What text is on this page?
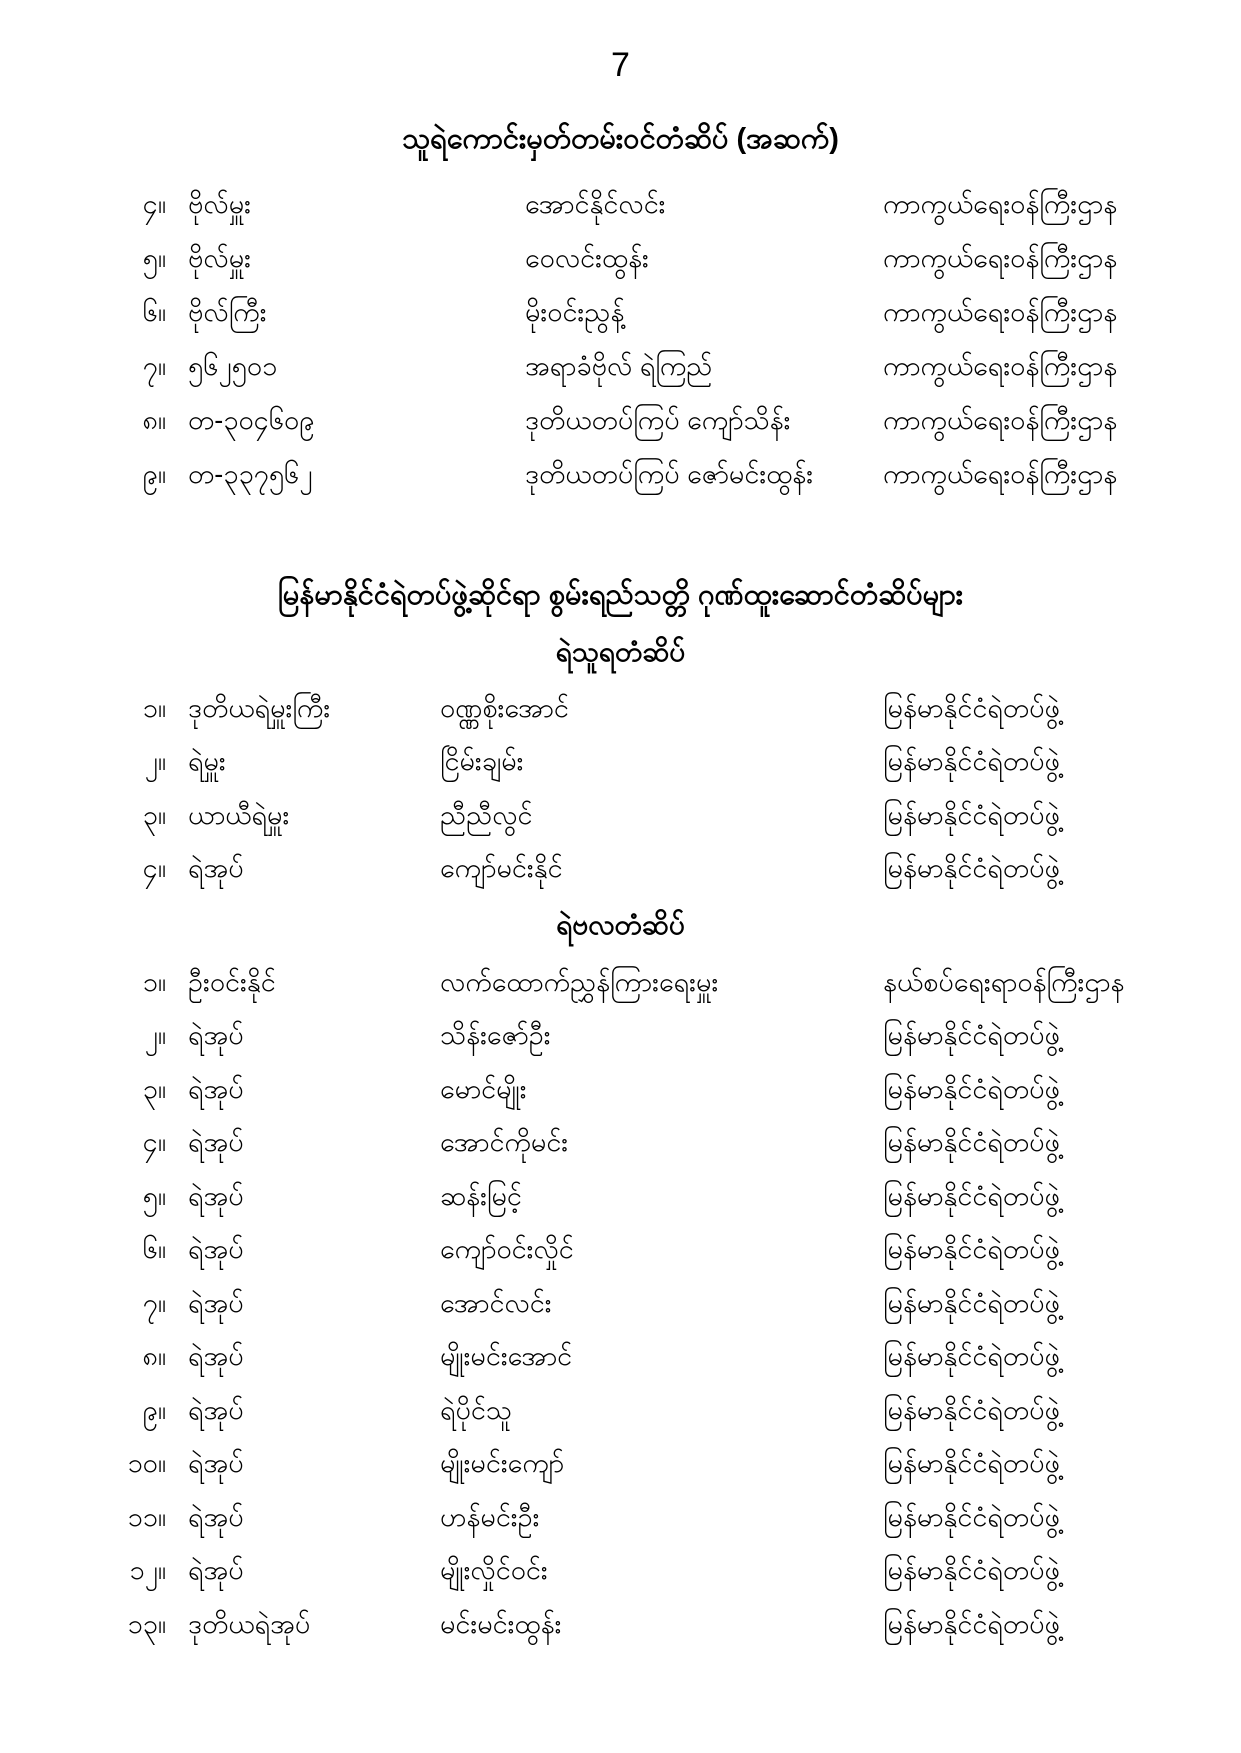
7
သူရဲကောင်းမှတ်တမ်းဝင်တံဆိပ် (အဆက်)
၄။ ဗိုလ်မှူး	အောင်နိုင်လင်း	ကာကွယ်ရေးဝန်ကြီးဌာန
၅။ ဗိုလ်မှူး	ဝေလင်းထွန်း	ကာကွယ်ရေးဝန်ကြီးဌာန
၆။ ဗိုလ်ကြီး	မိုးဝင်းညွန့်	ကာကွယ်ရေးဝန်ကြီးဌာန
၇။ ၅၆၂၅၀၁	အရာခံဗိုလ် ရဲကြည်	ကာကွယ်ရေးဝန်ကြီးဌာန
၈။ တ-၃၀၄၆၀၉	ဒုတိယတပ်ကြပ် ကျော်သိန်း	ကာကွယ်ရေးဝန်ကြီးဌာန
၉။ တ-၃၃၇၅၆၂	ဒုတိယတပ်ကြပ် ဇော်မင်းထွန်း	ကာကွယ်ရေးဝန်ကြီးဌာန
မြန်မာနိုင်ငံရဲတပ်ဖွဲ့ဆိုင်ရာ စွမ်းရည်သတ္တိ ဂုဏ်ထူးဆောင်တံဆိပ်များ
ရဲသူရတံဆိပ်
၁။ ဒုတိယရဲမှူးကြီး	ဝဏ္ဏစိုးအောင်	မြန်မာနိုင်ငံရဲတပ်ဖွဲ့
၂။ ရဲမှူး	ငြိမ်းချမ်း	မြန်မာနိုင်ငံရဲတပ်ဖွဲ့
၃။ ယာယီရဲမှူး	ညီညီလွင်	မြန်မာနိုင်ငံရဲတပ်ဖွဲ့
၄။ ရဲအုပ်	ကျော်မင်းနိုင်	မြန်မာနိုင်ငံရဲတပ်ဖွဲ့
ရဲဗလတံဆိပ်
၁။ ဦးဝင်းနိုင်	လက်ထောက်ညွှန်ကြားရေးမှူး	နယ်စပ်ရေးရာဝန်ကြီးဌာန
၂။ ရဲအုပ်	သိန်းဇော်ဦး	မြန်မာနိုင်ငံရဲတပ်ဖွဲ့
၃။ ရဲအုပ်	မောင်မျိုး	မြန်မာနိုင်ငံရဲတပ်ဖွဲ့
၄။ ရဲအုပ်	အောင်ကိုမင်း	မြန်မာနိုင်ငံရဲတပ်ဖွဲ့
၅။ ရဲအုပ်	ဆန်းမြင့်	မြန်မာနိုင်ငံရဲတပ်ဖွဲ့
၆။ ရဲအုပ်	ကျော်ဝင်းလှိုင်	မြန်မာနိုင်ငံရဲတပ်ဖွဲ့
၇။ ရဲအုပ်	အောင်လင်း	မြန်မာနိုင်ငံရဲတပ်ဖွဲ့
၈။ ရဲအုပ်	မျိုးမင်းအောင်	မြန်မာနိုင်ငံရဲတပ်ဖွဲ့
၉။ ရဲအုပ်	ရဲပိုင်သူ	မြန်မာနိုင်ငံရဲတပ်ဖွဲ့
၁၀။ ရဲအုပ်	မျိုးမင်းကျော်	မြန်မာနိုင်ငံရဲတပ်ဖွဲ့
၁၁။ ရဲအုပ်	ဟန်မင်းဦး	မြန်မာနိုင်ငံရဲတပ်ဖွဲ့
၁၂။ ရဲအုပ်	မျိုးလှိုင်ဝင်း	မြန်မာနိုင်ငံရဲတပ်ဖွဲ့
၁၃။ ဒုတိယရဲအုပ်	မင်းမင်းထွန်း	မြန်မာနိုင်ငံရဲတပ်ဖွဲ့
